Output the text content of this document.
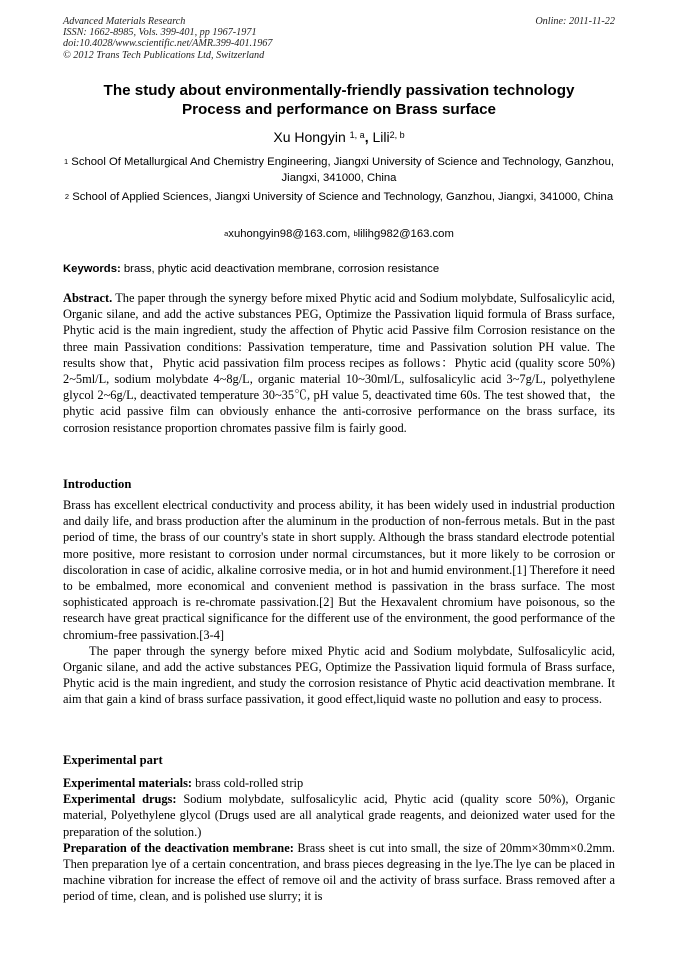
Advanced Materials Research
ISSN: 1662-8985, Vols. 399-401, pp 1967-1971
doi:10.4028/www.scientific.net/AMR.399-401.1967
© 2012 Trans Tech Publications Ltd, Switzerland
Online: 2011-11-22
The study about environmentally-friendly passivation technology
Process and performance on Brass surface
Xu Hongyin $^{1, a}$, Lili$^{2, b}$
$^1$ School Of Metallurgical And Chemistry Engineering, Jiangxi University of Science and Technology, Ganzhou, Jiangxi, 341000, China
$^2$ School of Applied Sciences, Jiangxi University of Science and Technology, Ganzhou, Jiangxi, 341000, China
$^a$xuhongyin98@163.com, $^b$lilihg982@163.com
Keywords: brass, phytic acid deactivation membrane, corrosion resistance

Abstract. The paper through the synergy before mixed Phytic acid and Sodium molybdate, Sulfosalicylic acid, Organic silane, and add the active substances PEG, Optimize the Passivation liquid formula of Brass surface, Phytic acid is the main ingredient, study the affection of Phytic acid Passive film Corrosion resistance on the three main Passivation conditions: Passivation temperature, time and Passivation solution PH value. The results show that，Phytic acid passivation film process recipes as follows：Phytic acid (quality score 50%) 2~5ml/L, sodium molybdate 4~8g/L, organic material 10~30ml/L, sulfosalicylic acid 3~7g/L, polyethylene glycol 2~6g/L, deactivated temperature 30~35℃, pH value 5, deactivated time 60s. The test showed that，the phytic acid passive film can obviously enhance the anti-corrosive performance on the brass surface, its corrosion resistance proportion chromates passive film is fairly good.

Introduction

Brass has excellent electrical conductivity and process ability, it has been widely used in industrial production and daily life, and brass production after the aluminum in the production of non-ferrous metals. But in the past period of time, the brass of our country's state in short supply. Although the brass standard electrode potential more positive, more resistant to corrosion under normal circumstances, but it more likely to be corrosion or discoloration in case of acidic, alkaline corrosive media, or in hot and humid environment.[1] Therefore it need to be embalmed, more economical and convenient method is passivation in the brass surface. The most sophisticated approach is re-chromate passivation.[2] But the Hexavalent chromium have poisonous, so the research have great practical significance for the different use of the environment, the good performance of the chromium-free passivation.[3-4]

The paper through the synergy before mixed Phytic acid and Sodium molybdate, Sulfosalicylic acid, Organic silane, and add the active substances PEG, Optimize the Passivation liquid formula of Brass surface, Phytic acid is the main ingredient, and study the corrosion resistance of Phytic acid deactivation membrane. It aim that gain a kind of brass surface passivation, it good effect,liquid waste no pollution and easy to process.

Experimental part

Experimental materials: brass cold-rolled strip

Experimental drugs: Sodium molybdate, sulfosalicylic acid, Phytic acid (quality score 50%), Organic material, Polyethylene glycol (Drugs used are all analytical grade reagents, and deionized water used for the preparation of the solution.)

Preparation of the deactivation membrane: Brass sheet is cut into small, the size of 20mm×30mm×0.2mm. Then preparation lye of a certain concentration, and brass pieces degreasing in the lye.The lye can be placed in machine vibration for increase the effect of remove oil and the activity of brass surface. Brass removed after a period of time, clean, and is polished use slurry; it is
